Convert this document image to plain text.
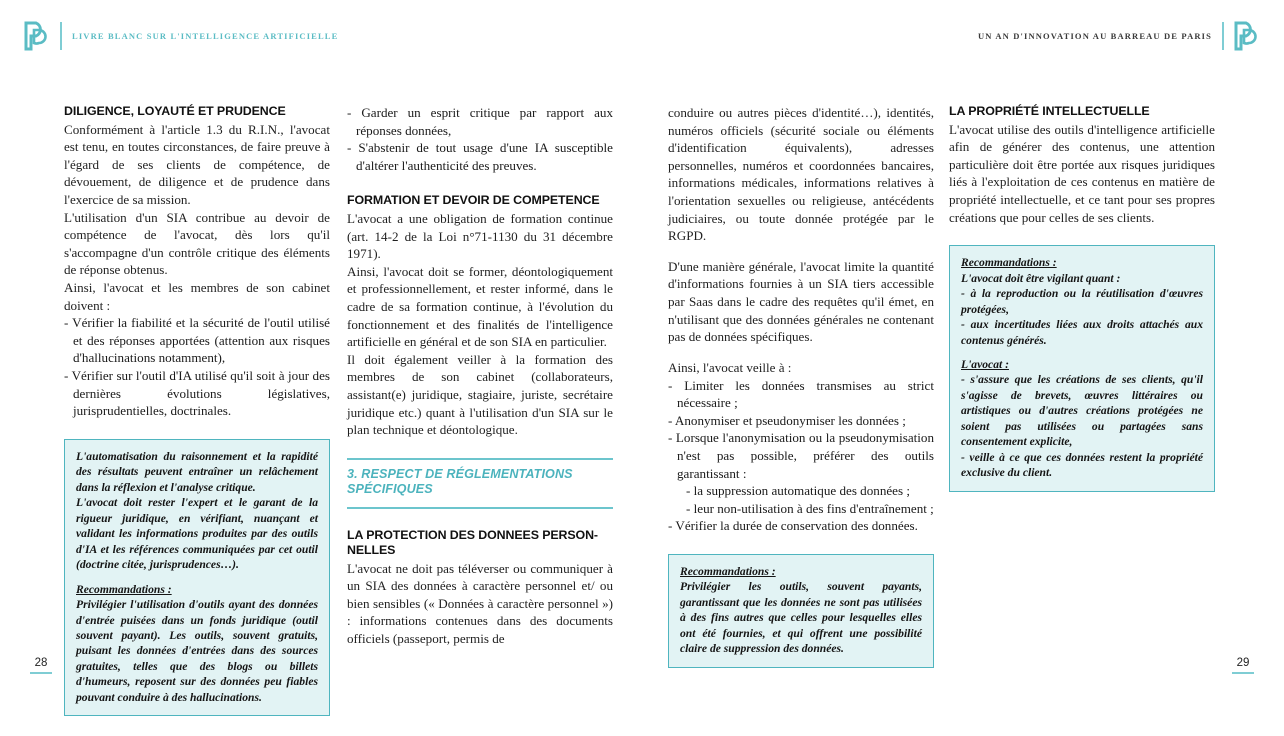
LIVRE BLANC SUR L'INTELLIGENCE ARTIFICIELLE	UN AN D'INNOVATION AU BARREAU DE PARIS
DILIGENCE, LOYAUTÉ ET PRUDENCE

Conformément à l'article 1.3 du R.I.N., l'avocat est tenu, en toutes circonstances, de faire preuve à l'égard de ses clients de compétence, de dévouement, de diligence et de prudence dans l'exercice de sa mission.

L'utilisation d'un SIA contribue au devoir de compétence de l'avocat, dès lors qu'il s'accompagne d'un contrôle critique des éléments de réponse obtenus.

Ainsi, l'avocat et les membres de son cabinet doivent :

- Vérifier la fiabilité et la sécurité de l'outil utilisé et des réponses apportées (attention aux risques d'hallucinations notamment),

- Vérifier sur l'outil d'IA utilisé qu'il soit à jour des dernières évolutions législatives, jurisprudentielles, doctrinales.

L'automatisation du raisonnement et la rapidité des résultats peuvent entraîner un relâchement dans la réflexion et l'analyse critique.

L'avocat doit rester l'expert et le garant de la rigueur juridique, en vérifiant, nuançant et validant les informations produites par des outils d'IA et les références communiquées par cet outil (doctrine citée, jurisprudences…).

Recommandations :

Privilégier l'utilisation d'outils ayant des données d'entrée puisées dans un fonds juridique (outil souvent payant). Les outils, souvent gratuits, puisant les données d'entrées dans des sources gratuites, telles que des blogs ou billets d'humeurs, reposent sur des données peu fiables pouvant conduire à des hallucinations.

- Garder un esprit critique par rapport aux réponses données,

- S'abstenir de tout usage d'une IA susceptible d'altérer l'authenticité des preuves.

FORMATION ET DEVOIR DE COMPETENCE

L'avocat a une obligation de formation continue (art. 14-2 de la Loi n°71-1130 du 31 décembre 1971).

Ainsi, l'avocat doit se former, déontologiquement et professionnellement, et rester informé, dans le cadre de sa formation continue, à l'évolution du fonctionnement et des finalités de l'intelligence artificielle en général et de son SIA en particulier.

Il doit également veiller à la formation des membres de son cabinet (collaborateurs, assistant(e) juridique, stagiaire, juriste, secrétaire juridique etc.) quant à l'utilisation d'un SIA sur le plan technique et déontologique.

3. RESPECT DE RÉGLEMENTATIONS SPÉCIFIQUES
LA PROTECTION DES DONNEES PERSON-NELLES

L'avocat ne doit pas téléverser ou communiquer à un SIA des données à caractère personnel et/ ou bien sensibles (« Données à caractère personnel ») : informations contenues dans des documents officiels (passeport, permis de

conduire ou autres pièces d'identité…), identités, numéros officiels (sécurité sociale ou éléments d'identification équivalents), adresses personnelles, numéros et coordonnées bancaires, informations médicales, informations relatives à l'orientation sexuelles ou religieuse, antécédents judiciaires, ou toute donnée protégée par le RGPD.

D'une manière générale, l'avocat limite la quantité d'informations fournies à un SIA tiers accessible par Saas dans le cadre des requêtes qu'il émet, en n'utilisant que des données générales ne contenant pas de données spécifiques.

Ainsi, l'avocat veille à :

- Limiter les données transmises au strict nécessaire ;

- Anonymiser et pseudonymiser les données ;

- Lorsque l'anonymisation ou la pseudonymisation n'est pas possible, préférer des outils garantissant :

- la suppression automatique des données ;

- leur non-utilisation à des fins d'entraînement ;

- Vérifier la durée de conservation des données.

Recommandations :

Privilégier les outils, souvent payants, garantissant que les données ne sont pas utilisées à des fins autres que celles pour lesquelles elles ont été fournies, et qui offrent une possibilité claire de suppression des données.

LA PROPRIÉTÉ INTELLECTUELLE

L'avocat utilise des outils d'intelligence artificielle afin de générer des contenus, une attention particulière doit être portée aux risques juridiques liés à l'exploitation de ces contenus en matière de propriété intellectuelle, et ce tant pour ses propres créations que pour celles de ses clients.

Recommandations :

L'avocat doit être vigilant quant :

- à la reproduction ou la réutilisation d'œuvres protégées,

- aux incertitudes liées aux droits attachés aux contenus générés.

L'avocat :

- s'assure que les créations de ses clients, qu'il s'agisse de brevets, œuvres littéraires ou artistiques ou d'autres créations protégées ne soient pas utilisées ou partagées sans consentement explicite,

- veille à ce que ces données restent la propriété exclusive du client.

28	29
